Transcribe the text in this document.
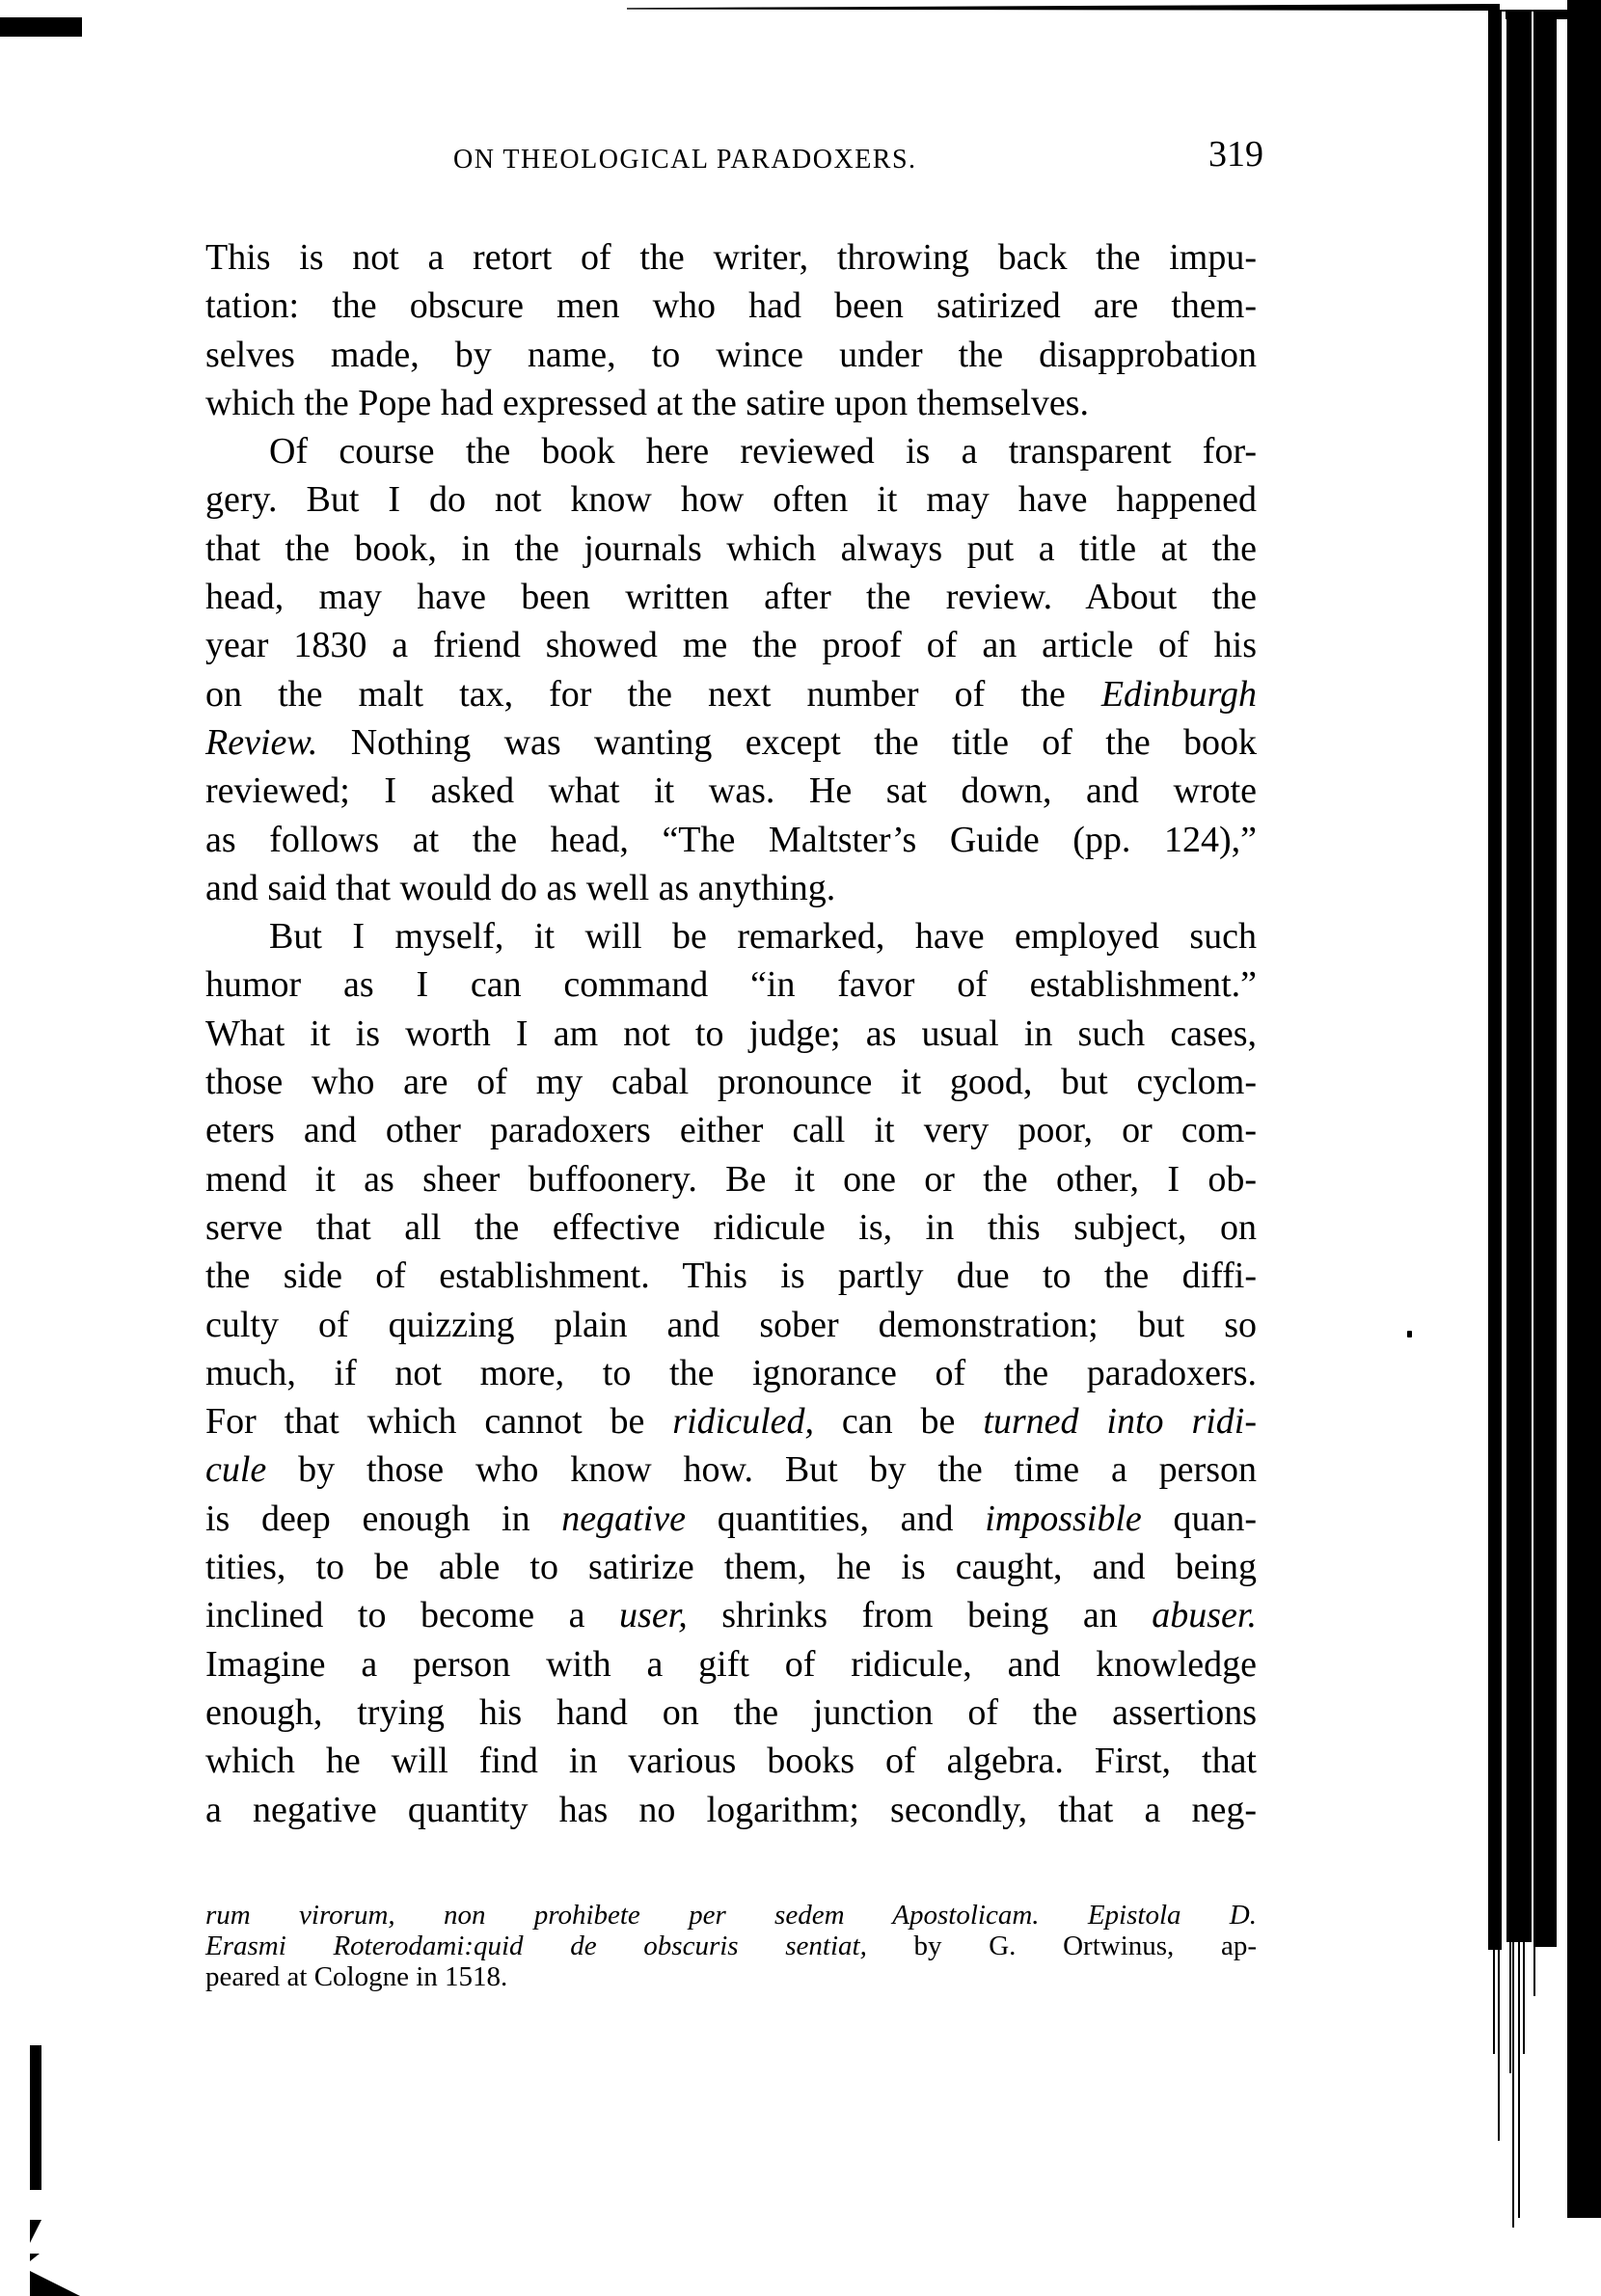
ON THEOLOGICAL PARADOXERS.	319
This is not a retort of the writer, throwing back the impu-
tation: the obscure men who had been satirized are them-
selves made, by name, to wince under the disapprobation
which the Pope had expressed at the satire upon themselves.
Of course the book here reviewed is a transparent for-
gery. But I do not know how often it may have happened
that the book, in the journals which always put a title at the
head, may have been written after the review. About the
year 1830 a friend showed me the proof of an article of his
on the malt tax, for the next number of the Edinburgh
Review. Nothing was wanting except the title of the book
reviewed; I asked what it was. He sat down, and wrote
as follows at the head, “The Maltster’s Guide (pp. 124),”
and said that would do as well as anything.
But I myself, it will be remarked, have employed such
humor as I can command “in favor of establishment.”
What it is worth I am not to judge; as usual in such cases,
those who are of my cabal pronounce it good, but cyclom-
eters and other paradoxers either call it very poor, or com-
mend it as sheer buffoonery. Be it one or the other, I ob-
serve that all the effective ridicule is, in this subject, on
the side of establishment. This is partly due to the diffi-
culty of quizzing plain and sober demonstration; but so
much, if not more, to the ignorance of the paradoxers.
For that which cannot be ridiculed, can be turned into ridi-
cule by those who know how. But by the time a person
is deep enough in negative quantities, and impossible quan-
tities, to be able to satirize them, he is caught, and being
inclined to become a user, shrinks from being an abuser.
Imagine a person with a gift of ridicule, and knowledge
enough, trying his hand on the junction of the assertions
which he will find in various books of algebra. First, that
a negative quantity has no logarithm; secondly, that a neg-
rum virorum, non prohibete per sedem Apostolicam. Epistola D.
Erasmi Roterodami:quid de obscuris sentiat, by G. Ortwinus, ap-
peared at Cologne in 1518.
